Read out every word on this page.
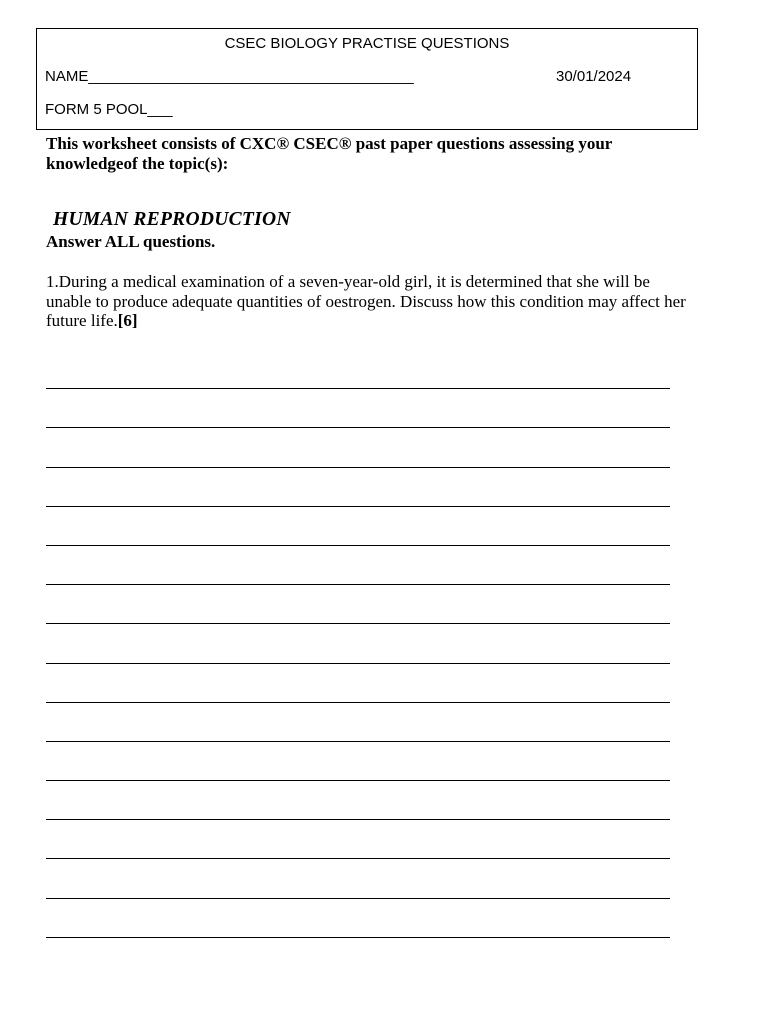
CSEC BIOLOGY PRACTISE QUESTIONS
NAME_______________________________________	30/01/2024
FORM 5 POOL___
This worksheet consists of CXC® CSEC® past paper questions assessing your knowledgeof the topic(s):
HUMAN REPRODUCTION
Answer ALL questions.
1.During a medical examination of a seven-year-old girl, it is determined that she will be unable to produce adequate quantities of oestrogen. Discuss how this condition may affect her future life.[6]
